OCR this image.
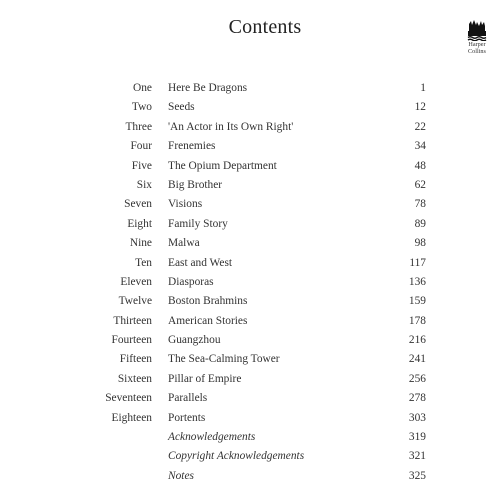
Contents
Harper
Collins
One Here Be Dragons	1
Two Seeds	12
Three 'An Actor in Its Own Right'	22
Four Frenemies	34
Five The Opium Department	48
Six Big Brother	62
Seven Visions	78
Eight Family Story	89
Nine Malwa	98
Ten East and West	117
Eleven Diasporas	136
Twelve Boston Brahmins	159
Thirteen American Stories	178
Fourteen Guangzhou	216
Fifteen The Sea-Calming Tower	241
Sixteen Pillar of Empire	256
Seventeen Parallels	278
Eighteen Portents	303
Acknowledgements	319
Copyright Acknowledgements	321
Notes	325
